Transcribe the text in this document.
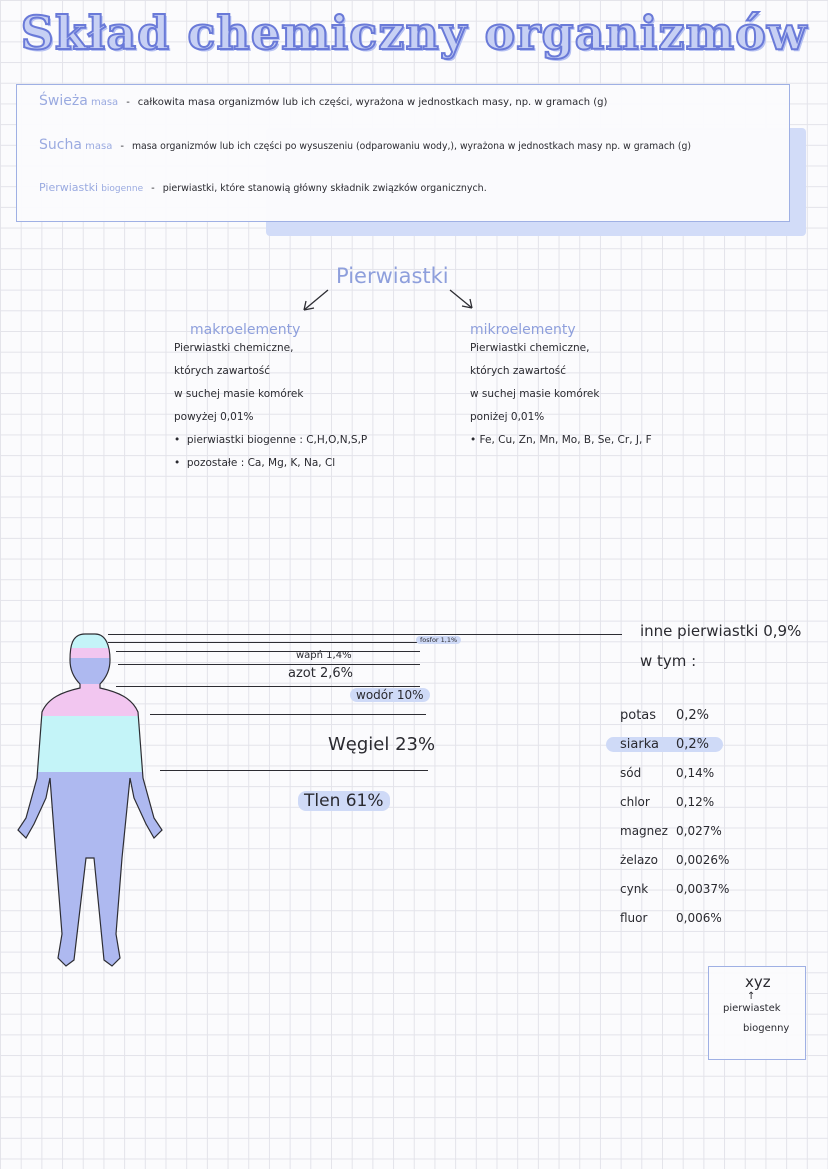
Skład chemiczny organizmów
Świeża masa - całkowita masa organizmów lub ich części, wyrażona w jednostkach masy, np. w gramach (g)
Sucha masa - masa organizmów lub ich części po wysuszeniu (odparowaniu wody,), wyrażona w jednostkach masy np. w gramach (g)
Pierwiastki biogenne - pierwiastki, które stanowią główny składnik związków organicznych.
Pierwiastki
makroelementy
Pierwiastki chemiczne,
których zawartość
w suchej masie komórek
powyżej 0,01%
•  pierwiastki biogenne : C,H,O,N,S,P
•  pozostałe : Ca, Mg, K, Na, Cl
mikroelementy
Pierwiastki chemiczne,
których zawartość
w suchej masie komórek
poniżej 0,01%
• Fe, Cu, Zn, Mn, Mo, B, Se, Cr, J, F
fosfor 1,1%
wapń 1,4%
azot 2,6%
wodór 10%
Węgiel 23%
Tlen 61%
inne pierwiastki 0,9%
w tym :
potas 0,2%
siarka 0,2%
sód	0,14%
chlor 0,12%
magnez 0,027%
żelazo 0,0026%
cynk 0,0037%
fluor 0,006%
xyz
↑
pierwiastek
biogenny
